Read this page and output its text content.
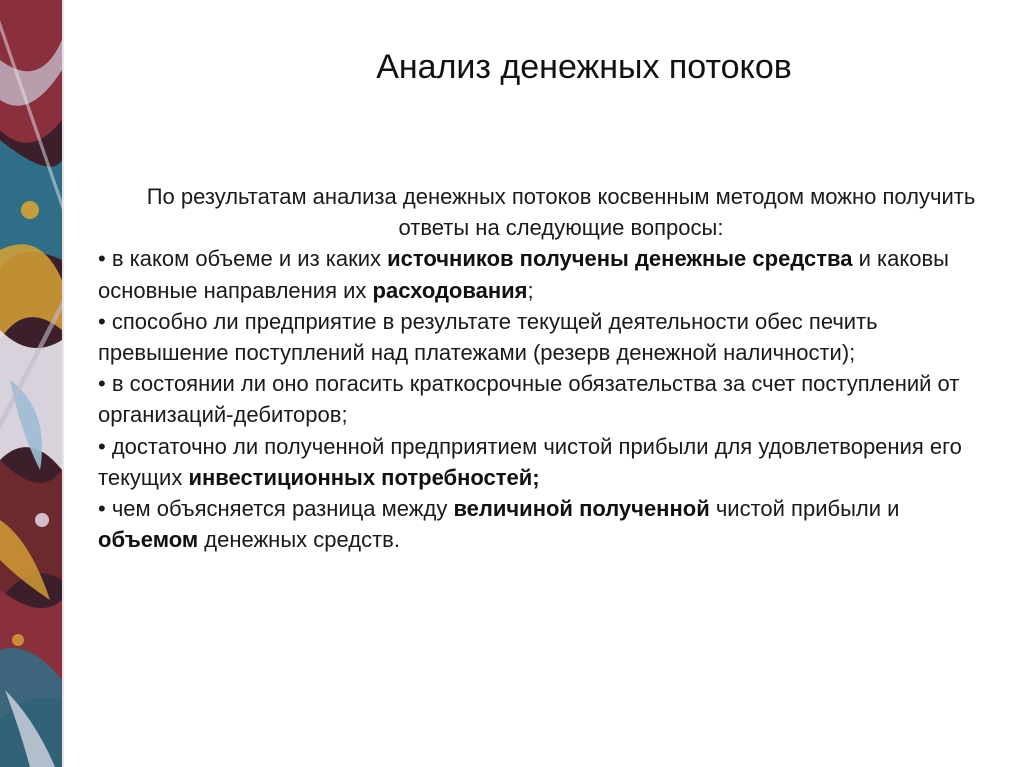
Анализ денежных потоков

По результатам анализа денежных потоков косвенным методом можно получить ответы на следующие вопросы:

• в каком объеме и из каких источников получены денежные средства и каковы основные направления их расходования;
• способно ли предприятие в результате текущей деятельности обес печить превышение поступлений над платежами (резерв денежной наличности);
• в состоянии ли оно погасить краткосрочные обязательства за счет поступлений от организаций-дебиторов;
• достаточно ли полученной предприятием чистой прибыли для удовлетворения его текущих инвестиционных потребностей;
• чем объясняется разница между величиной полученной чистой прибыли и объемом денежных средств.
